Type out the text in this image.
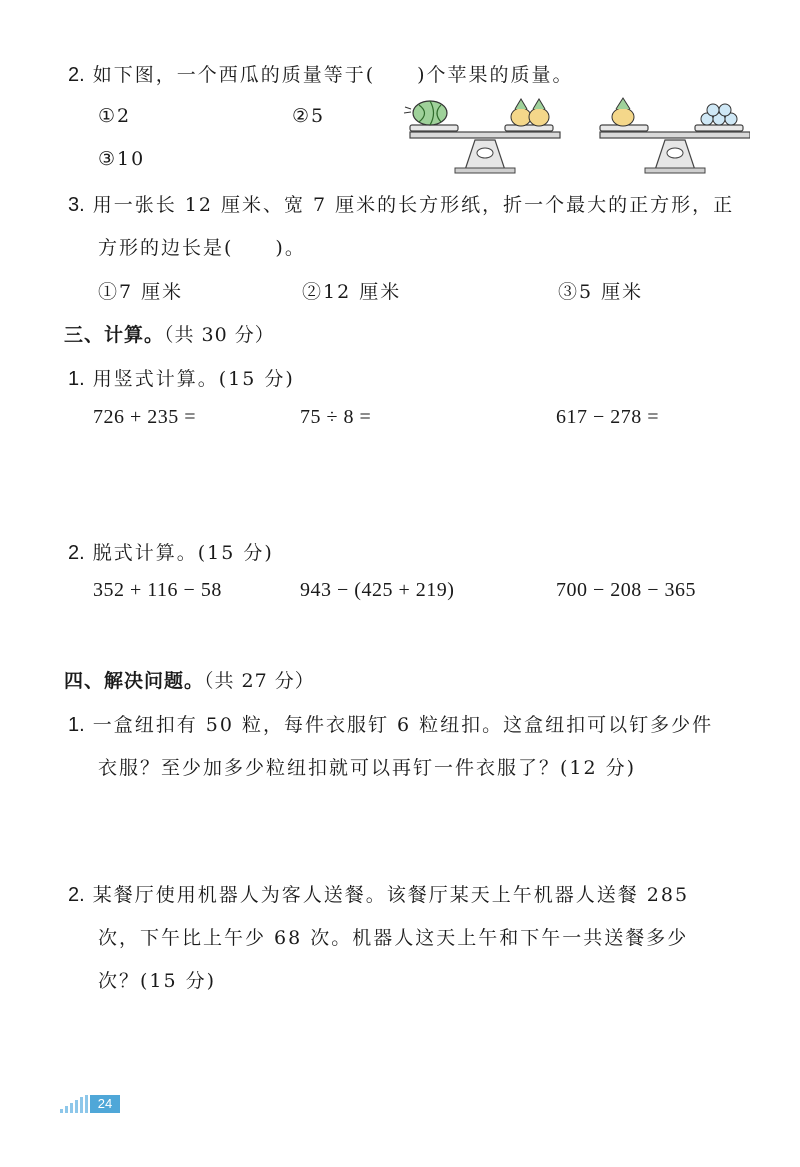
2. 如下图，一个西瓜的质量等于(　　)个苹果的质量。
①2	②5
③10
3. 用一张长 12 厘米、宽 7 厘米的长方形纸，折一个最大的正方形，正
方形的边长是(　　)。
①7 厘米	②12 厘米	③5 厘米
三、计算。（共 30 分）
1. 用竖式计算。(15 分)
726 + 235 =	75 ÷ 8 =	617 − 278 =
2. 脱式计算。(15 分)
352 + 116 − 58	943 − (425 + 219)	700 − 208 − 365
四、解决问题。（共 27 分）
1. 一盒纽扣有 50 粒，每件衣服钉 6 粒纽扣。这盒纽扣可以钉多少件
衣服？至少加多少粒纽扣就可以再钉一件衣服了？(12 分)
2. 某餐厅使用机器人为客人送餐。该餐厅某天上午机器人送餐 285
次，下午比上午少 68 次。机器人这天上午和下午一共送餐多少
次？(15 分)
24
